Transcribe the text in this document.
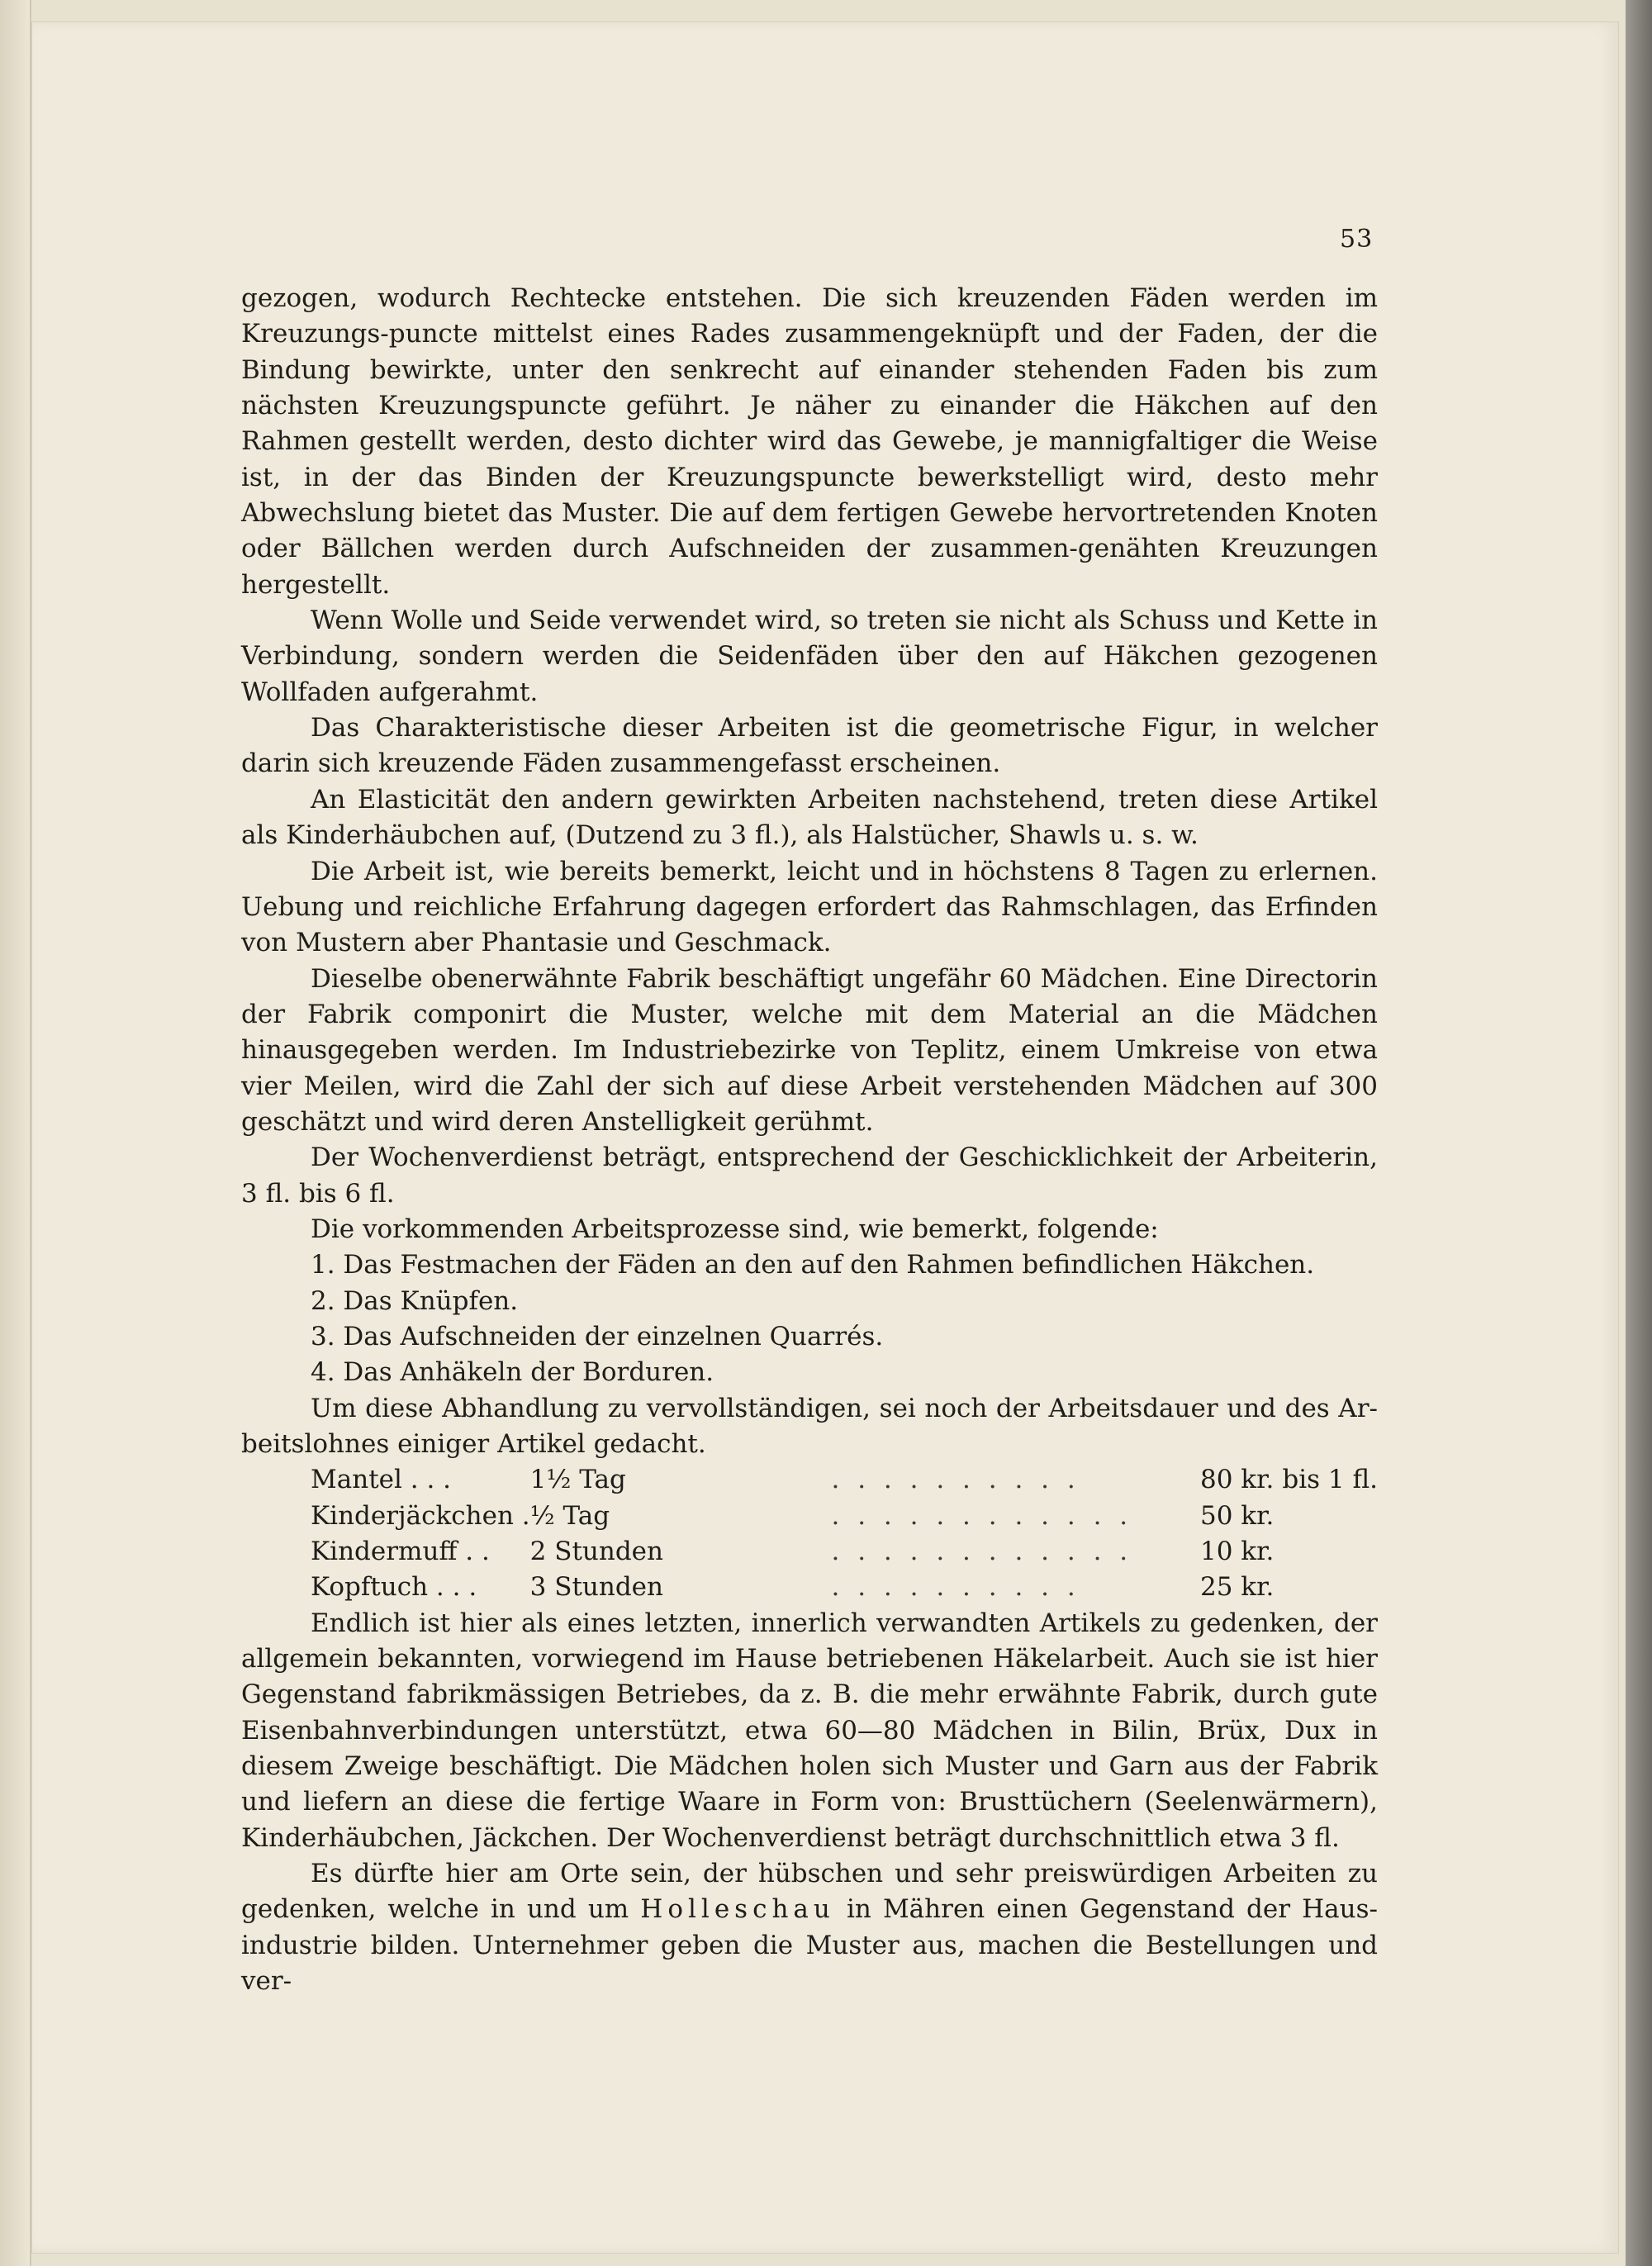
53

gezogen, wodurch Rechtecke entstehen. Die sich kreuzenden Fäden werden im Kreuzungs-puncte mittelst eines Rades zusammengeknüpft und der Faden, der die Bindung bewirkte, unter den senkrecht auf einander stehenden Faden bis zum nächsten Kreuzungspuncte geführt. Je näher zu einander die Häkchen auf den Rahmen gestellt werden, desto dichter wird das Gewebe, je mannigfaltiger die Weise ist, in der das Binden der Kreuzungspuncte bewerkstelligt wird, desto mehr Abwechslung bietet das Muster. Die auf dem fertigen Gewebe hervortretenden Knoten oder Bällchen werden durch Aufschneiden der zusammen-genähten Kreuzungen hergestellt.

Wenn Wolle und Seide verwendet wird, so treten sie nicht als Schuss und Kette in Verbindung, sondern werden die Seidenfäden über den auf Häkchen gezogenen Wollfaden aufgerahmt.

Das Charakteristische dieser Arbeiten ist die geometrische Figur, in welcher darin sich kreuzende Fäden zusammengefasst erscheinen.

An Elasticität den andern gewirkten Arbeiten nachstehend, treten diese Artikel als Kinderhäubchen auf, (Dutzend zu 3 fl.), als Halstücher, Shawls u. s. w.

Die Arbeit ist, wie bereits bemerkt, leicht und in höchstens 8 Tagen zu erlernen. Uebung und reichliche Erfahrung dagegen erfordert das Rahmschlagen, das Erfinden von Mustern aber Phantasie und Geschmack.

Dieselbe obenerwähnte Fabrik beschäftigt ungefähr 60 Mädchen. Eine Directorin der Fabrik componirt die Muster, welche mit dem Material an die Mädchen hinausgegeben werden. Im Industriebezirke von Teplitz, einem Umkreise von etwa vier Meilen, wird die Zahl der sich auf diese Arbeit verstehenden Mädchen auf 300 geschätzt und wird deren Anstelligkeit gerühmt.

Der Wochenverdienst beträgt, entsprechend der Geschicklichkeit der Arbeiterin, 3 fl. bis 6 fl.

Die vorkommenden Arbeitsprozesse sind, wie bemerkt, folgende:

1. Das Festmachen der Fäden an den auf den Rahmen befindlichen Häkchen.

2. Das Knüpfen.

3. Das Aufschneiden der einzelnen Quarrés.

4. Das Anhäkeln der Borduren.

Um diese Abhandlung zu vervollständigen, sei noch der Arbeitsdauer und des Ar-beitslohnes einiger Artikel gedacht.

Mantel . . .	1½ Tag	. . . . . . . . . .	80 kr.	bis 1 fl.
Kinderjäckchen .	½ Tag	. . . . . . . . . . . .	50 kr.	
Kindermuff . .	2 Stunden	. . . . . . . . . . . .	10 kr.	
Kopftuch . . .	3 Stunden	. . . . . . . . . .	25 kr.	

Endlich ist hier als eines letzten, innerlich verwandten Artikels zu gedenken, der allgemein bekannten, vorwiegend im Hause betriebenen Häkelarbeit. Auch sie ist hier Gegenstand fabrikmässigen Betriebes, da z. B. die mehr erwähnte Fabrik, durch gute Eisenbahnverbindungen unterstützt, etwa 60—80 Mädchen in Bilin, Brüx, Dux in diesem Zweige beschäftigt. Die Mädchen holen sich Muster und Garn aus der Fabrik und liefern an diese die fertige Waare in Form von: Brusttüchern (Seelenwärmern), Kinderhäubchen, Jäckchen. Der Wochenverdienst beträgt durchschnittlich etwa 3 fl.

Es dürfte hier am Orte sein, der hübschen und sehr preiswürdigen Arbeiten zu gedenken, welche in und um Holleschau in Mähren einen Gegenstand der Haus-industrie bilden. Unternehmer geben die Muster aus, machen die Bestellungen und ver-
